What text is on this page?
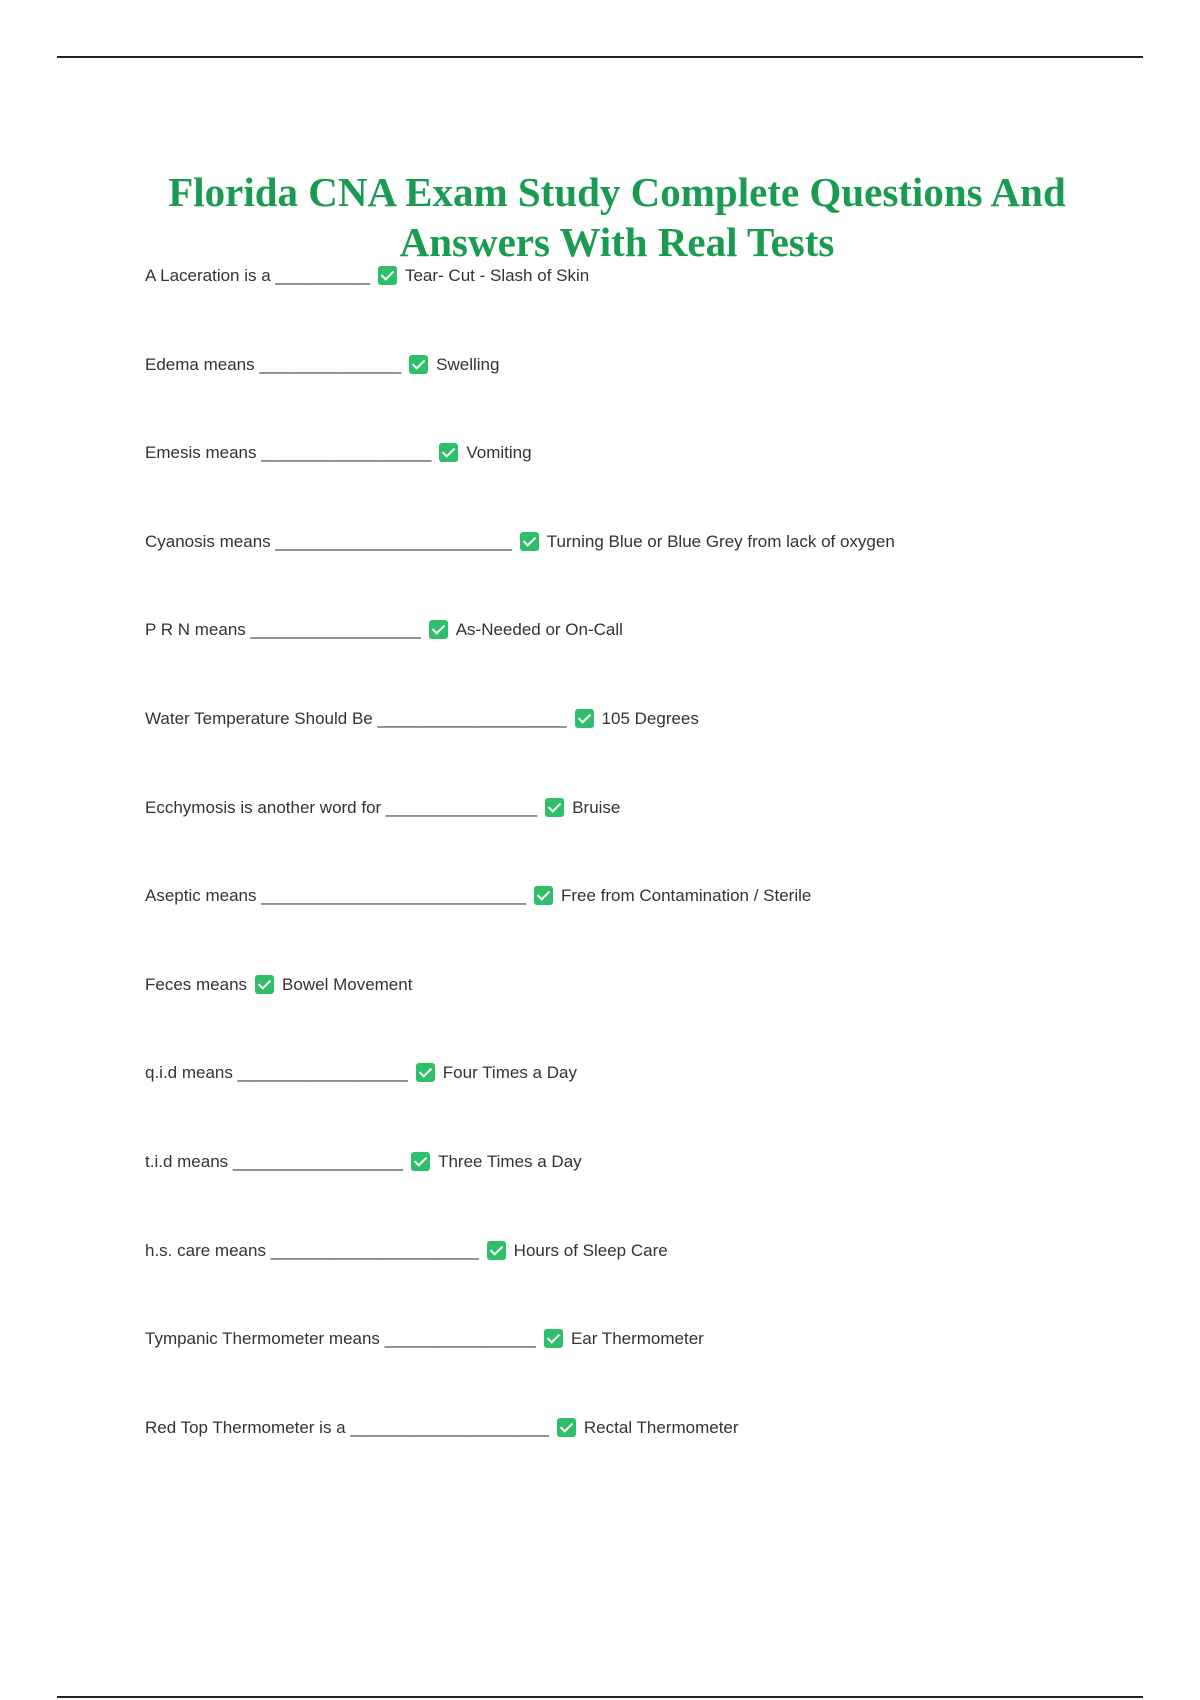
Florida CNA Exam Study Complete Questions And Answers With Real Tests
A Laceration is a __________ Tear- Cut - Slash of Skin
Edema means _______________ Swelling
Emesis means __________________ Vomiting
Cyanosis means _________________________ Turning Blue or Blue Grey from lack of oxygen
P R N means __________________ As-Needed or On-Call
Water Temperature Should Be ____________________ 105 Degrees
Ecchymosis is another word for ________________ Bruise
Aseptic means ____________________________ Free from Contamination / Sterile
Feces means Bowel Movement
q.i.d means __________________ Four Times a Day
t.i.d means __________________ Three Times a Day
h.s. care means ______________________ Hours of Sleep Care
Tympanic Thermometer means ________________ Ear Thermometer
Red Top Thermometer is a _____________________ Rectal Thermometer
